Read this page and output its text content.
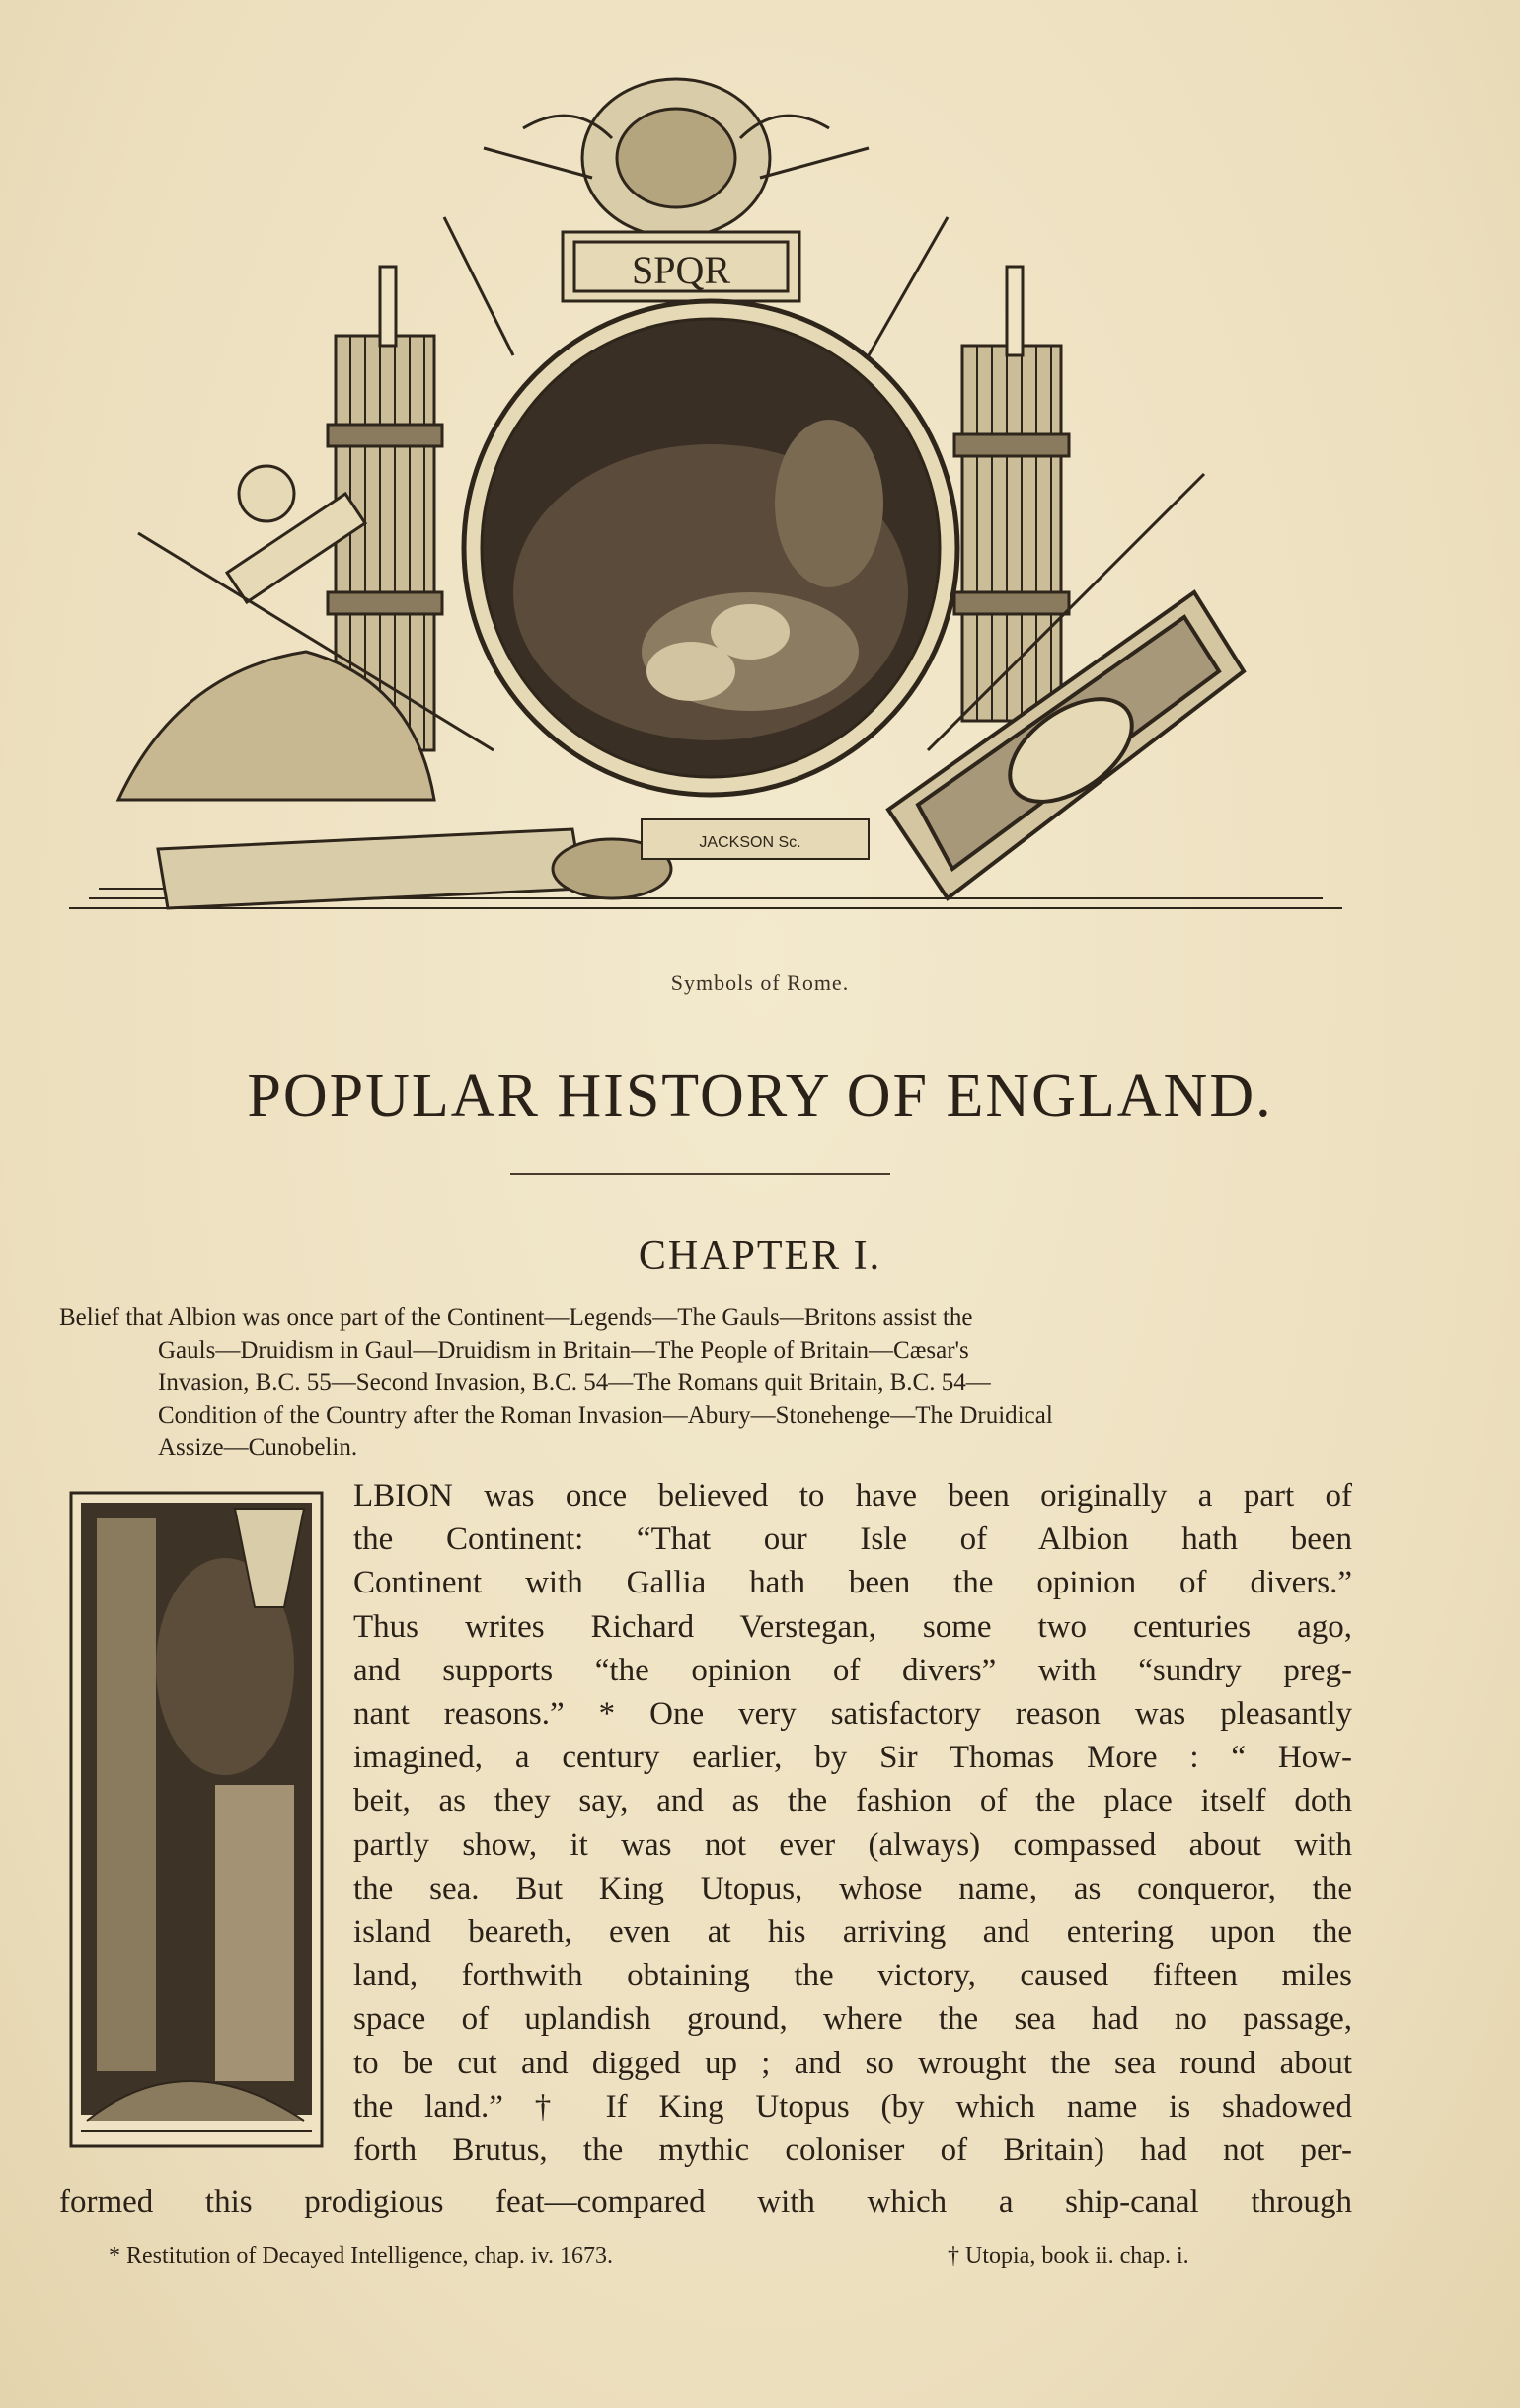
SPQR
JACKSON Sc.
Symbols of Rome.
POPULAR HISTORY OF ENGLAND.
CHAPTER I.
Belief that Albion was once part of the Continent—Legends—The Gauls—Britons assist the
Gauls—Druidism in Gaul—Druidism in Britain—The People of Britain—Cæsar's
Invasion, B.C. 55—Second Invasion, B.C. 54—The Romans quit Britain, B.C. 54—
Condition of the Country after the Roman Invasion—Abury—Stonehenge—The Druidical
Assize—Cunobelin.
LBION was once believed to have been originally a part of
the Continent: “That our Isle of Albion hath been
Continent with Gallia hath been the opinion of divers.”
Thus writes Richard Verstegan, some two centuries ago,
and supports “the opinion of divers” with “sundry preg-
nant reasons.” * One very satisfactory reason was pleasantly
imagined, a century earlier, by Sir Thomas More : “ How-
beit, as they say, and as the fashion of the place itself doth
partly show, it was not ever (always) compassed about with
the sea. But King Utopus, whose name, as conqueror, the
island beareth, even at his arriving and entering upon the
land, forthwith obtaining the victory, caused fifteen miles
space of uplandish ground, where the sea had no passage,
to be cut and digged up ; and so wrought the sea round about
the land.” † If King Utopus (by which name is shadowed
forth Brutus, the mythic coloniser of Britain) had not per-
formed this prodigious feat—compared with which a ship-canal through
* Restitution of Decayed Intelligence, chap. iv. 1673.	† Utopia, book ii. chap. i.
